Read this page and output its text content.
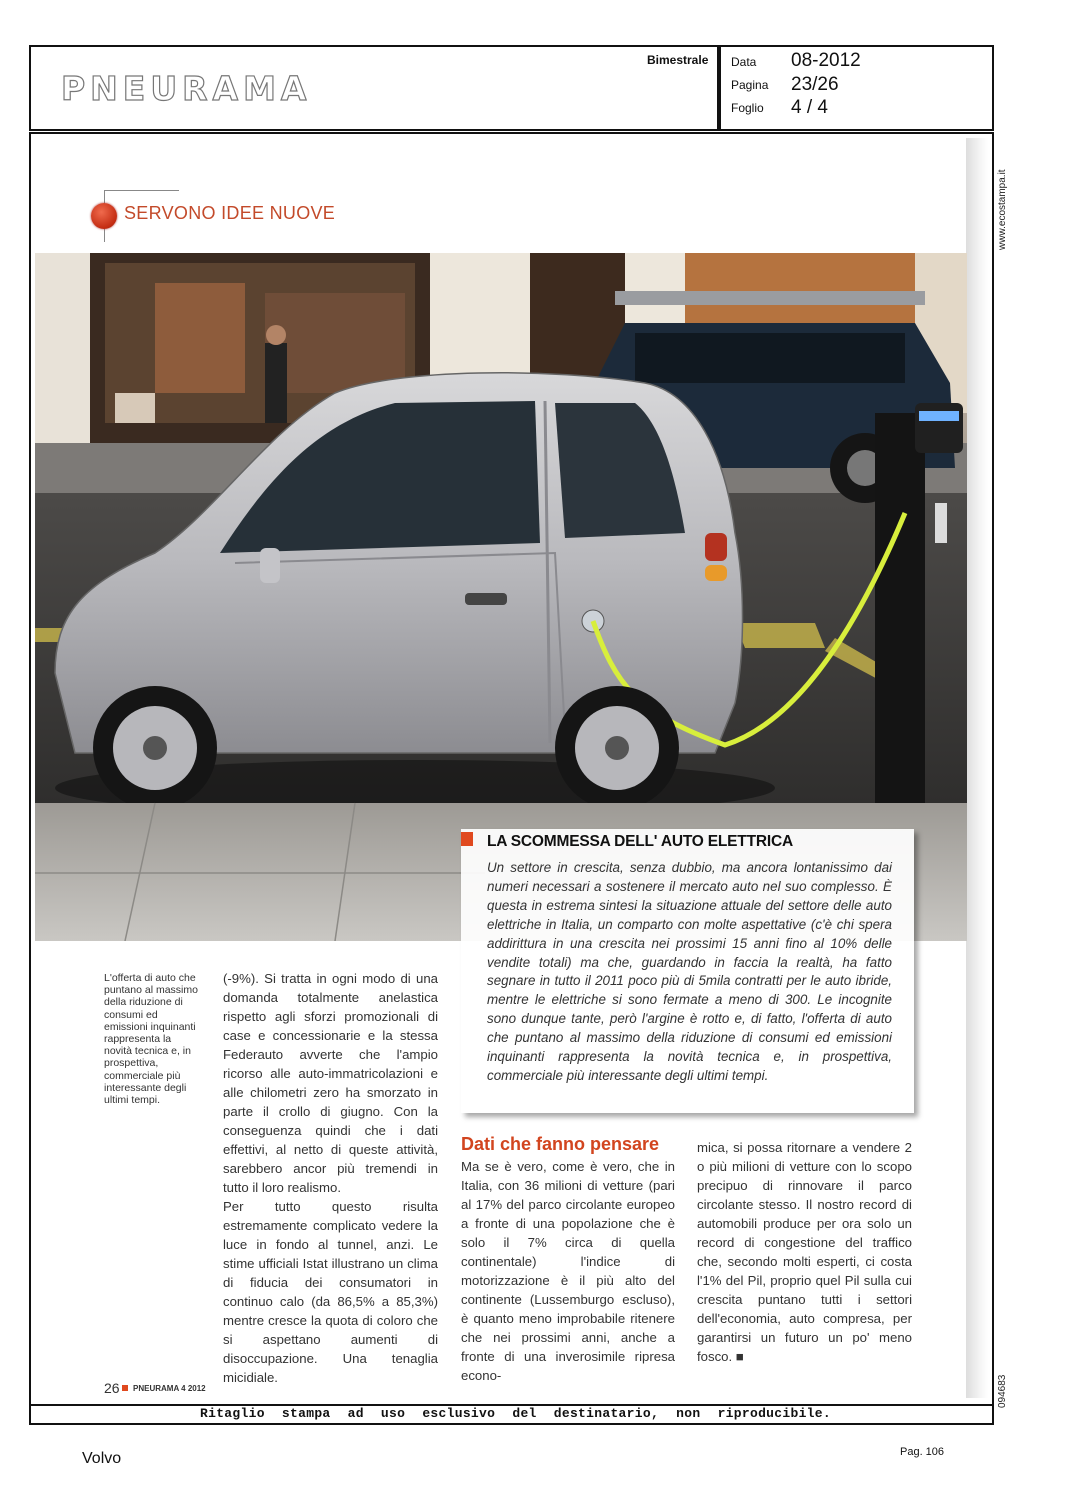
PNEURAMA
Bimestrale Data 08-2012
Pagina 23/26
Foglio 4 / 4
www.ecostampa.it
094683
SERVONO IDEE NUOVE
LA SCOMMESSA DELL' AUTO ELETTRICA
Un settore in crescita, senza dubbio, ma ancora lontanissimo dai numeri necessari a sostenere il mercato auto nel suo complesso. È questa in estrema sintesi la situazione attuale del settore delle auto elettriche in Italia, un comparto con molte aspettative (c'è chi spera addirittura in una crescita nei prossimi 15 anni fino al 10% delle vendite totali) ma che, guardando in faccia la realtà, ha fatto segnare in tutto il 2011 poco più di 5mila contratti per le auto ibride, mentre le elettriche si sono fermate a meno di 300. Le incognite sono dunque tante, però l'argine è rotto e, di fatto, l'offerta di auto che puntano al massimo della riduzione di consumi ed emissioni inquinanti rappresenta la novità tecnica e, in prospettiva, commerciale più interessante degli ultimi tempi.
L'offerta di auto che puntano al massimo della riduzione di consumi ed emissioni inquinanti rappresenta la novità tecnica e, in prospettiva, commerciale più interessante degli ultimi tempi.

(-9%). Si tratta in ogni modo di una domanda totalmente anelastica rispetto agli sforzi promozionali di case e concessionarie e la stessa Federauto avverte che l'ampio ricorso alle auto-immatricolazioni e alle chilometri zero ha smorzato in parte il crollo di giugno. Con la conseguenza quindi che i dati effettivi, al netto di queste attività, sarebbero ancor più tremendi in tutto il loro realismo.

Per tutto questo risulta estremamente complicato vedere la luce in fondo al tunnel, anzi. Le stime ufficiali Istat illustrano un clima di fiducia dei consumatori in continuo calo (da 86,5% a 85,3%) mentre cresce la quota di coloro che si aspettano aumenti di disoccupazione. Una tenaglia micidiale.

Dati che fanno pensare

Ma se è vero, come è vero, che in Italia, con 36 milioni di vetture (pari al 17% del parco circolante europeo a fronte di una popolazione che è solo il 7% circa di quella continentale) l'indice di motorizzazione è il più alto del continente (Lussemburgo escluso), è quanto meno improbabile ritenere che nei prossimi anni, anche a fronte di una inverosimile ripresa econo-

mica, si possa ritornare a vendere 2 o più milioni di vetture con lo scopo precipuo di rinnovare il parco circolante stesso. Il nostro record di automobili produce per ora solo un record di congestione del traffico che, secondo molti esperti, ci costa l'1% del Pil, proprio quel Pil sulla cui crescita puntano tutti i settori dell'economia, auto compresa, per garantirsi un futuro un po' meno fosco. ■

26 PNEURAMA 4 2012
Ritaglio stampa ad uso esclusivo del destinatario, non riproducibile.
Volvo	Pag. 106
